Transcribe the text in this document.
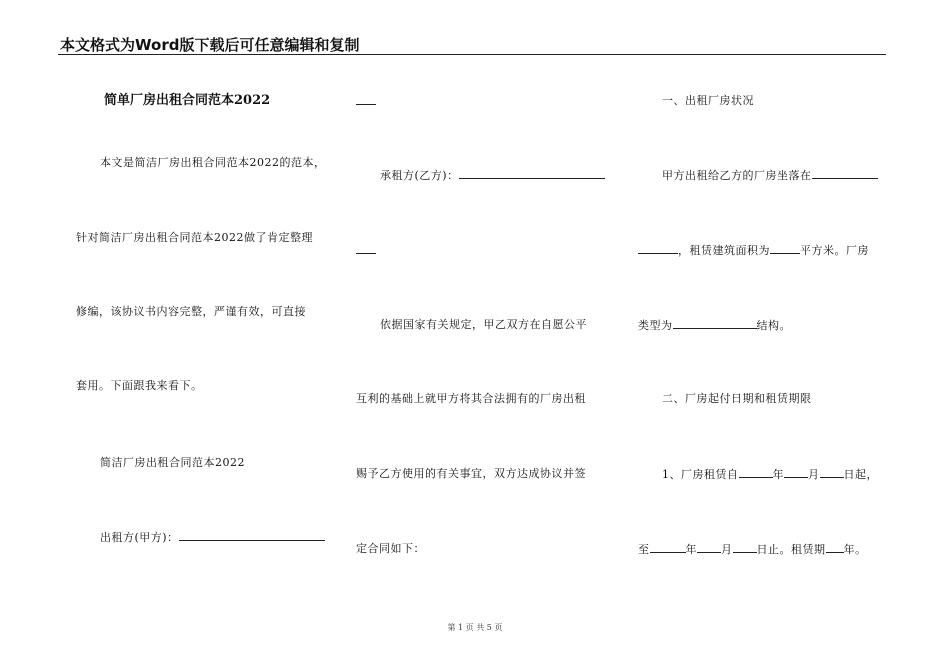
本文格式为Word版下载后可任意编辑和复制
简单厂房出租合同范本2022
本文是简洁厂房出租合同范本2022的范本，
针对简洁厂房出租合同范本2022做了肯定整理
修编，该协议书内容完整，严谨有效，可直接
套用。下面跟我来看下。
简洁厂房出租合同范本2022
出租方(甲方)：
承租方(乙方)：
依据国家有关规定，甲乙双方在自愿公平
互利的基础上就甲方将其合法拥有的厂房出租
赐予乙方使用的有关事宜，双方达成协议并签
定合同如下：
一、出租厂房状况
甲方出租给乙方的厂房坐落在
，租赁建筑面积为	平方米。厂房
类型为	结构。
二、厂房起付日期和租赁期限
1、厂房租赁自	年 月 日起，
至	年 月 日止。租赁期 年。
第 1 页 共 5 页
